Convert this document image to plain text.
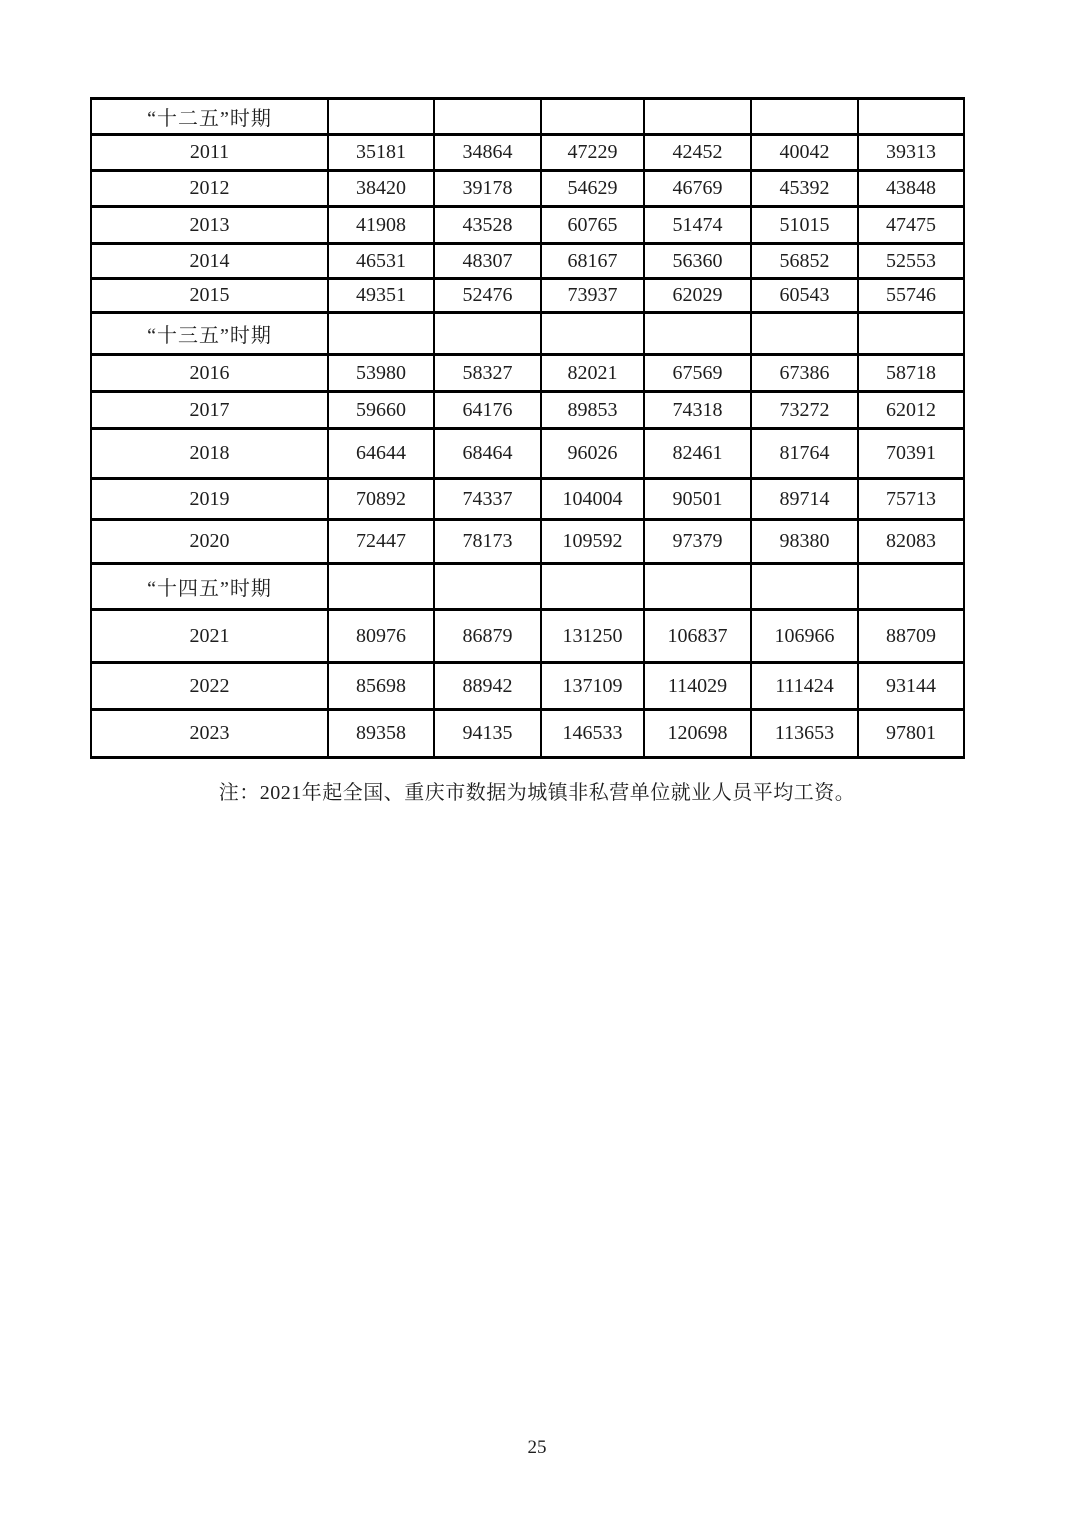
“十二五”时期						
2011	35181	34864	47229	42452	40042	39313
2012	38420	39178	54629	46769	45392	43848
2013	41908	43528	60765	51474	51015	47475
2014	46531	48307	68167	56360	56852	52553
2015	49351	52476	73937	62029	60543	55746
“十三五”时期						
2016	53980	58327	82021	67569	67386	58718
2017	59660	64176	89853	74318	73272	62012
2018	64644	68464	96026	82461	81764	70391
2019	70892	74337	104004	90501	89714	75713
2020	72447	78173	109592	97379	98380	82083
“十四五”时期						
2021	80976	86879	131250	106837	106966	88709
2022	85698	88942	137109	114029	111424	93144
2023	89358	94135	146533	120698	113653	97801
注：2021年起全国、重庆市数据为城镇非私营单位就业人员平均工资。
25
